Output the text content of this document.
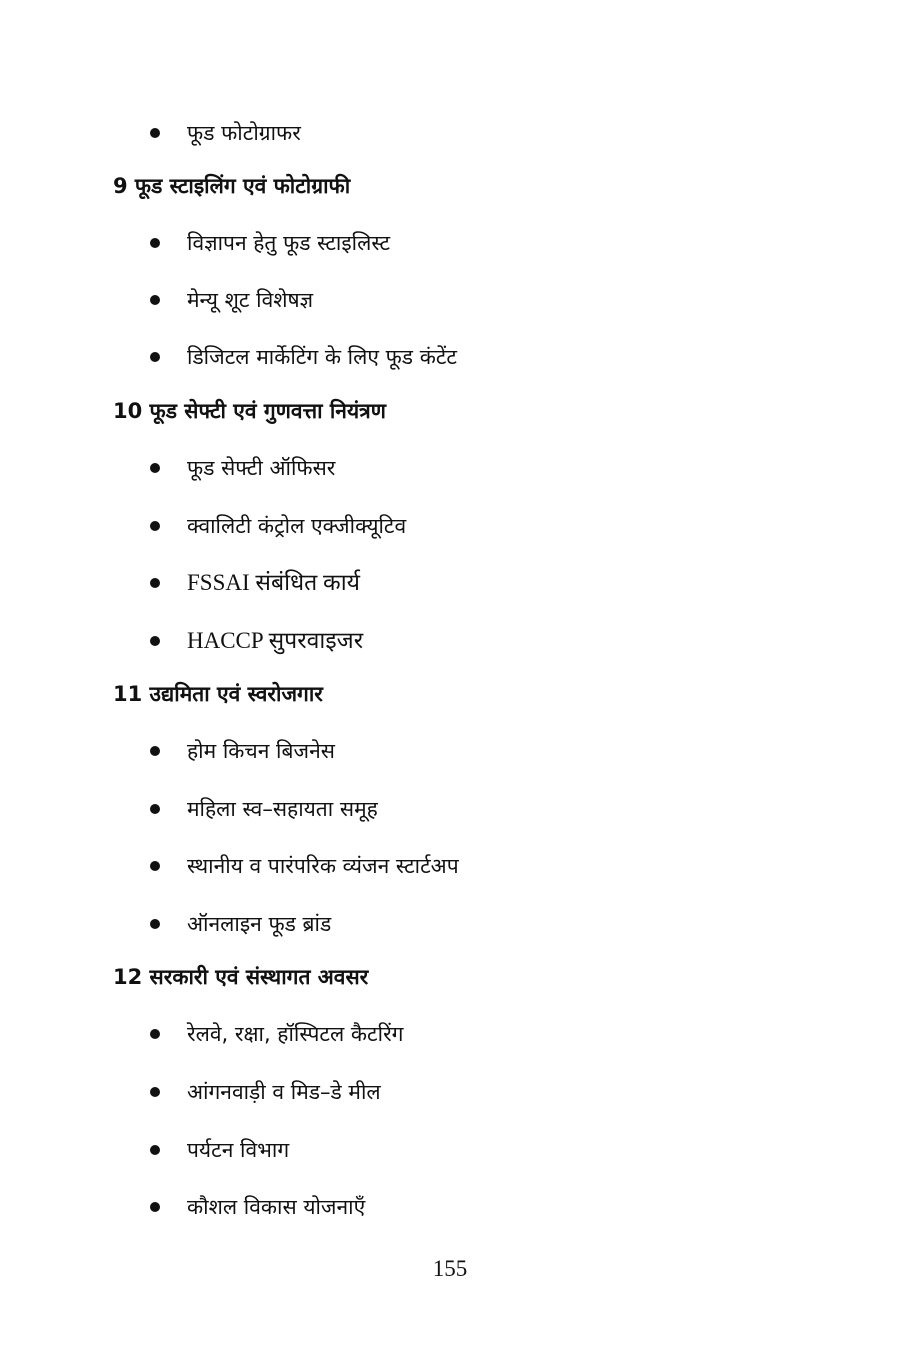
फूड फोटोग्राफर
9 फूड स्टाइलिंग एवं फोटोग्राफी
विज्ञापन हेतु फूड स्टाइलिस्ट
मेन्यू शूट विशेषज्ञ
डिजिटल मार्केटिंग के लिए फूड कंटेंट
10 फूड सेफ्टी एवं गुणवत्ता नियंत्रण
फूड सेफ्टी ऑफिसर
क्वालिटी कंट्रोल एक्जीक्यूटिव
FSSAI संबंधित कार्य
HACCP सुपरवाइजर
11 उद्यमिता एवं स्वरोजगार
होम किचन बिजनेस
महिला स्व–सहायता समूह
स्थानीय व पारंपरिक व्यंजन स्टार्टअप
ऑनलाइन फूड ब्रांड
12 सरकारी एवं संस्थागत अवसर
रेलवे, रक्षा, हॉस्पिटल कैटरिंग
आंगनवाड़ी व मिड–डे मील
पर्यटन विभाग
कौशल विकास योजनाएँ
155
